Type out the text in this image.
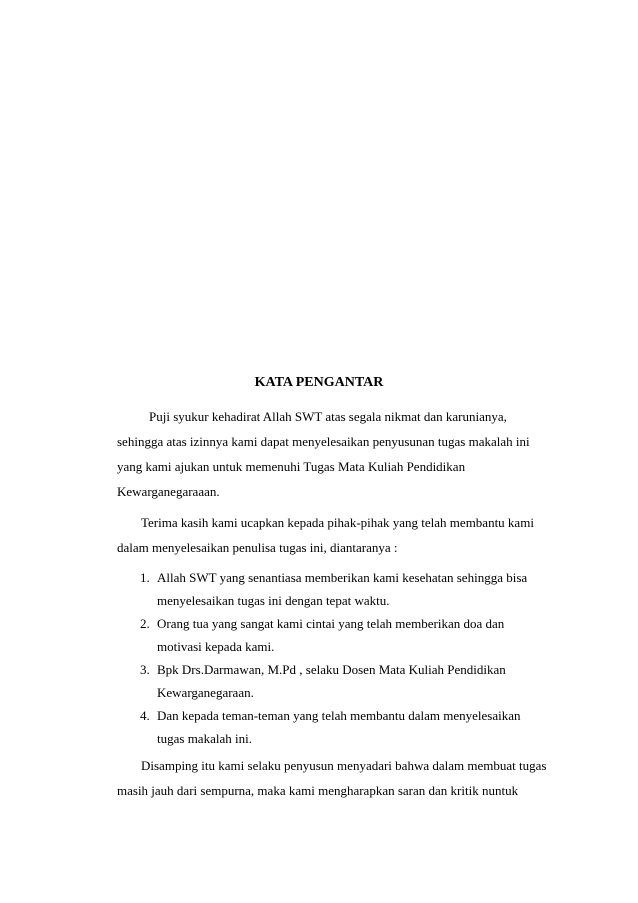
KATA PENGANTAR

Puji syukur kehadirat Allah SWT atas segala nikmat dan karunianya,
sehingga atas izinnya kami dapat menyelesaikan penyusunan tugas makalah ini
yang kami ajukan untuk memenuhi Tugas Mata Kuliah Pendidikan
Kewarganegaraaan.

Terima kasih kami ucapkan kepada pihak-pihak yang telah membantu kami
dalam menyelesaikan penulisa tugas ini, diantaranya :

1. Allah SWT yang senantiasa memberikan kami kesehatan sehingga bisa
menyelesaikan tugas ini dengan tepat waktu.
2. Orang tua yang sangat kami cintai yang telah memberikan doa dan
motivasi kepada kami.
3. Bpk Drs.Darmawan, M.Pd , selaku Dosen Mata Kuliah Pendidikan
Kewarganegaraan.
4. Dan kepada teman-teman yang telah membantu dalam menyelesaikan
tugas makalah ini.

Disamping itu kami selaku penyusun menyadari bahwa dalam membuat tugas
masih jauh dari sempurna, maka kami mengharapkan saran dan kritik nuntuk
